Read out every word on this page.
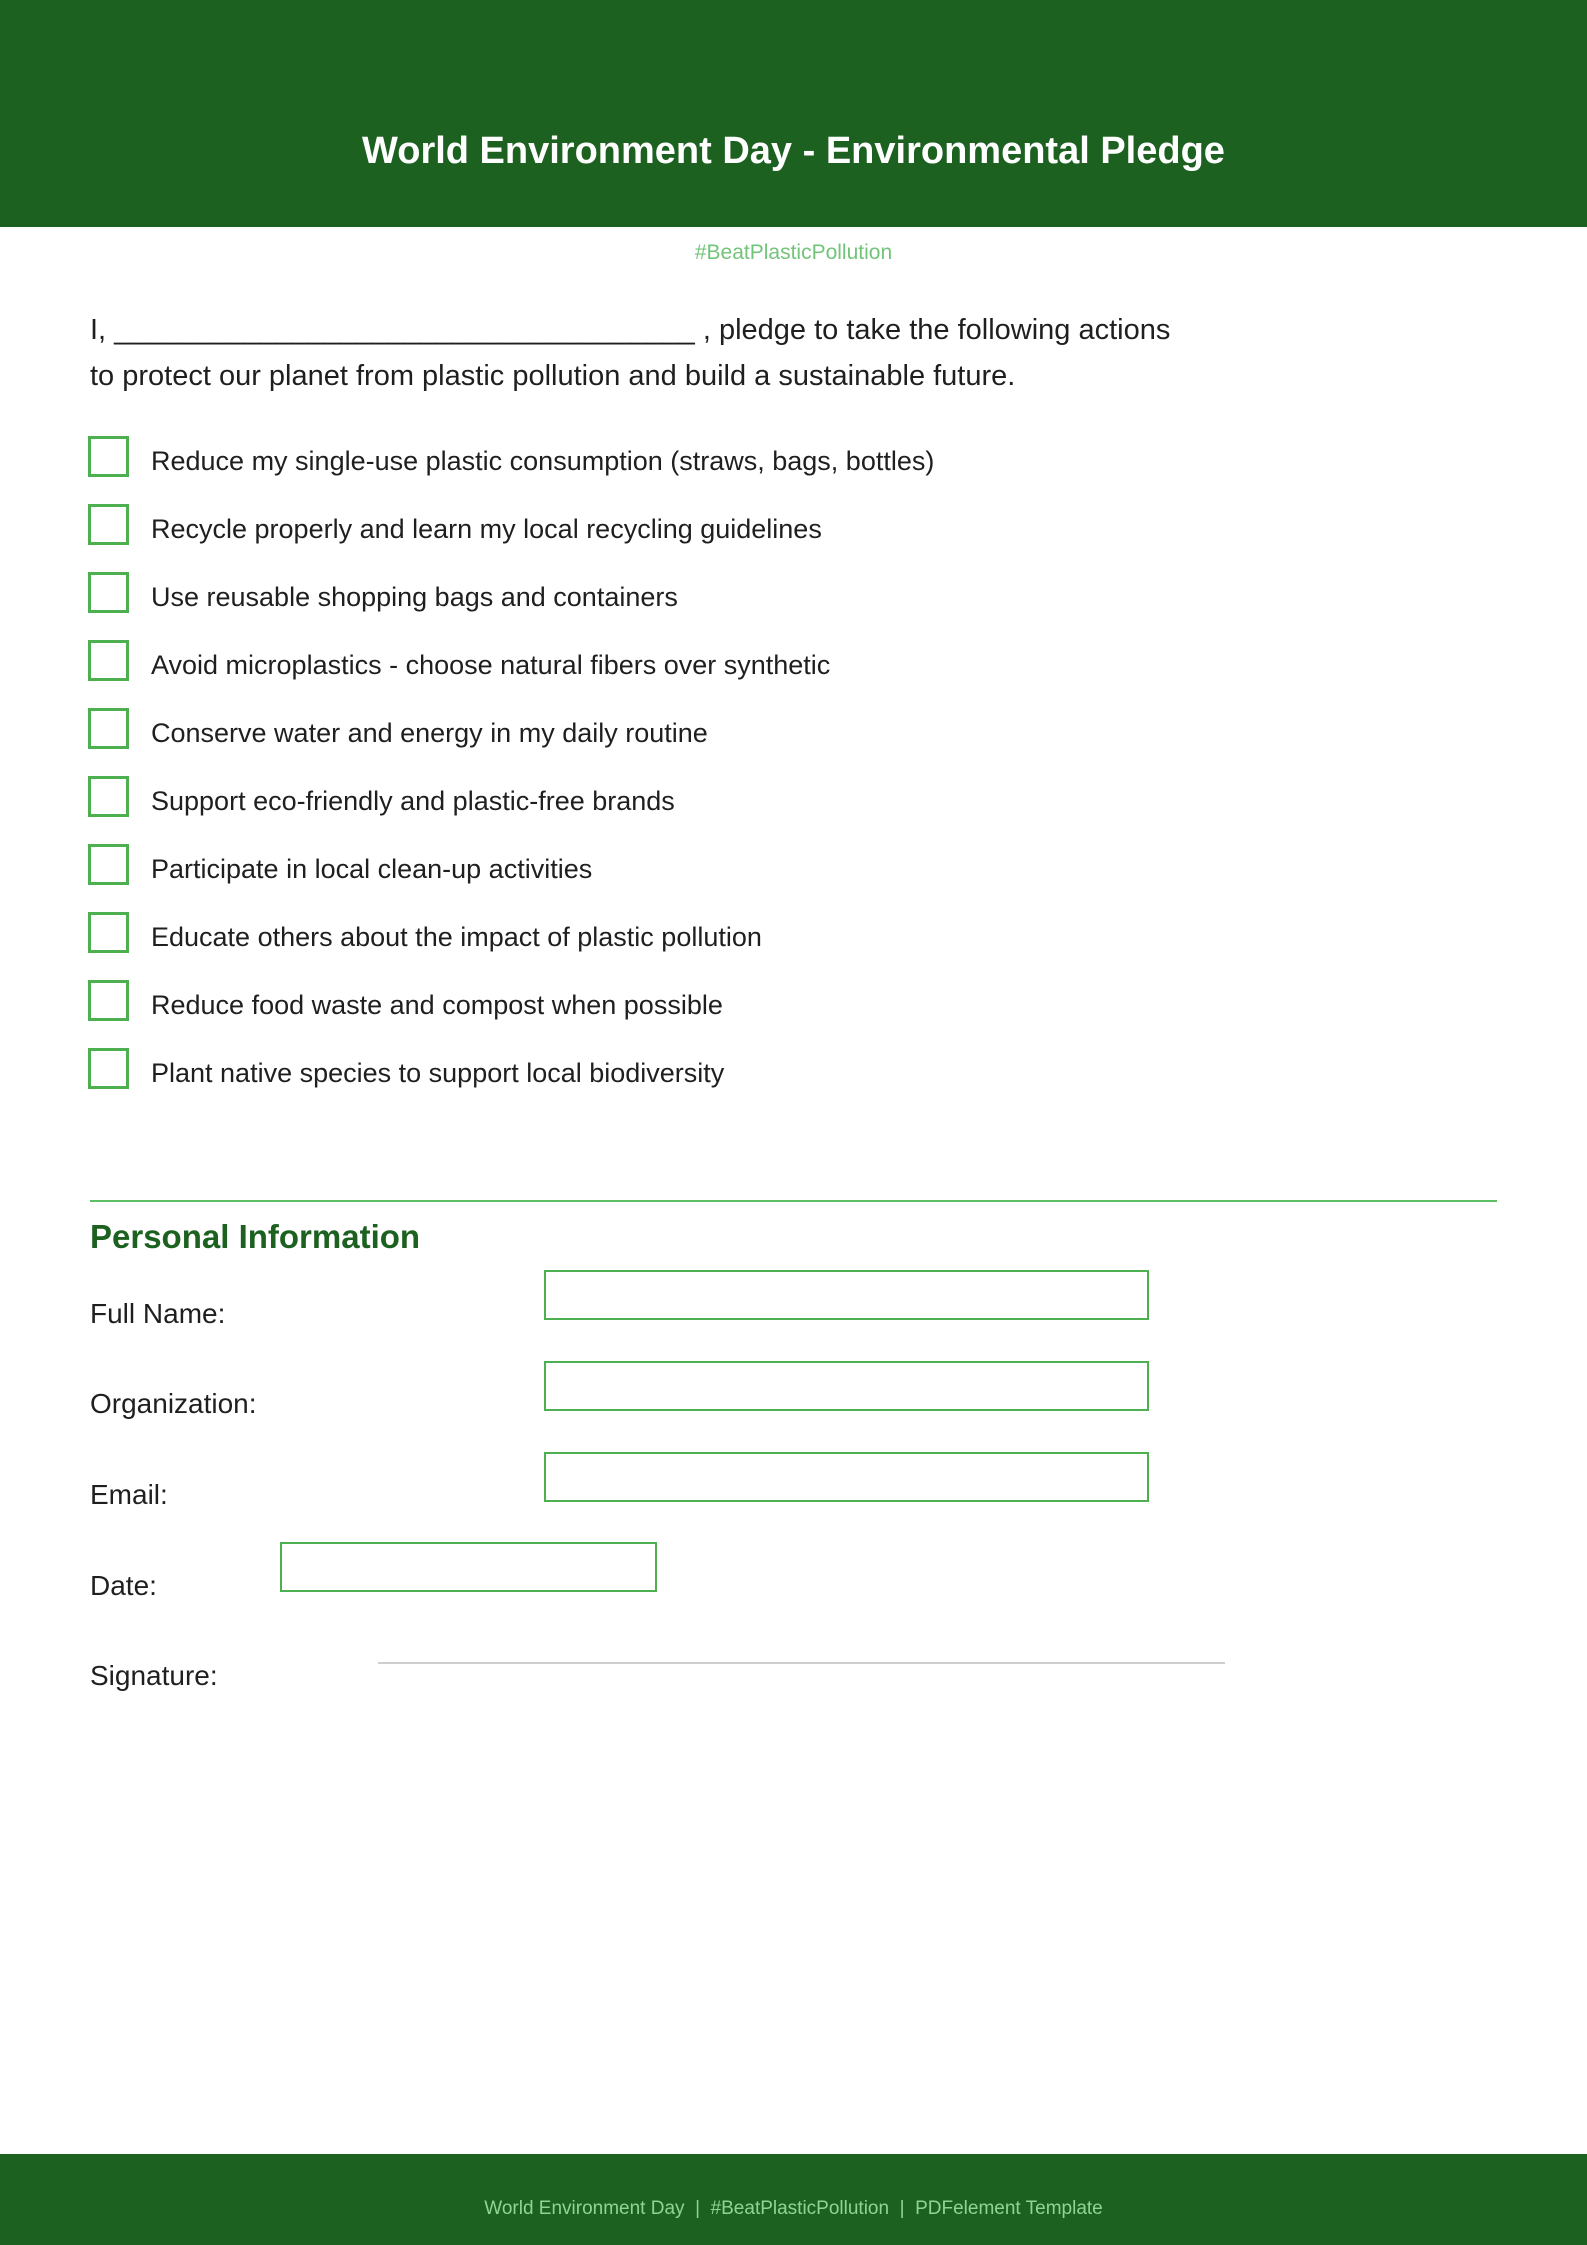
World Environment Day - Environmental Pledge
#BeatPlasticPollution
I, ____________________________________ , pledge to take the following actions
to protect our planet from plastic pollution and build a sustainable future.
Reduce my single-use plastic consumption (straws, bags, bottles)
Recycle properly and learn my local recycling guidelines
Use reusable shopping bags and containers
Avoid microplastics - choose natural fibers over synthetic
Conserve water and energy in my daily routine
Support eco-friendly and plastic-free brands
Participate in local clean-up activities
Educate others about the impact of plastic pollution
Reduce food waste and compost when possible
Plant native species to support local biodiversity
Personal Information
Full Name:
Organization:
Email:
Date:
Signature:
World Environment Day  |  #BeatPlasticPollution  |  PDFelement Template
